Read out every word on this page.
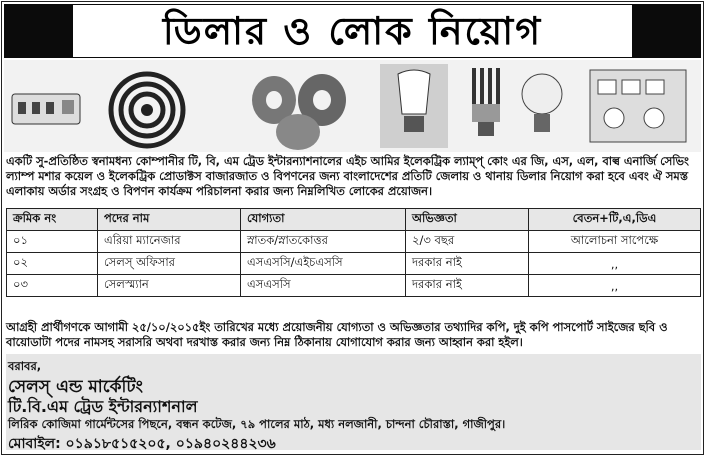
ডিলার ও লোক নিয়োগ
একটি সু-প্রতিষ্ঠিত স্বনামধন্য কোম্পানীর টি, বি, এম ট্রেড ইন্টারন্যাশনালের এইচ আমির ইলেকট্রিক ল্যাম্প্ কোং এর জি, এস, এল, বাল্ব এনার্জি সেভিং ল্যাম্প মশার কয়েল ও ইলেকট্রিক প্রোডাক্টস বাজারজাত ও বিপণনের জন্য বাংলাদেশের প্রতিটি জেলায় ও থানায় ডিলার নিয়োগ করা হবে এবং ঐ সমস্ত এলাকায় অর্ডার সংগ্রহ ও বিপণন কার্যক্রম পরিচালনা করার জন্য নিম্নলিখিত লোকের প্রয়োজন।
ক্রমিক নং	পদের নাম	যোগ্যতা	অভিজ্ঞতা	বেতন+টি,এ,ডিএ
০১	এরিয়া ম্যানেজার	স্নাতক/স্নাতকোত্তর	২/৩ বছর	আলোচনা সাপেক্ষে
০২	সেলস্ অফিসার	এসএসসি/এইচএসসি	দরকার নাই	,,
০৩	সেলস্ম্যান	এসএসসি	দরকার নাই	,,
আগ্রহী প্রার্থীগণকে আগামী ২৫/১০/২০১৫ইং তারিখের মধ্যে প্রয়োজনীয় যোগ্যতা ও অভিজ্ঞতার তথ্যাদির কপি, দুই কপি পাসপোর্ট সাইজের ছবি ও বায়োডাটা পদের নামসহ সরাসরি অথবা দরখাস্ত করার জন্য নিম্ন ঠিকানায় যোগাযোগ করার জন্য আহ্বান করা হইল।
বরাবর,
সেলস্ এন্ড মার্কেটিং
টি.বি.এম ট্রেড ইন্টারন্যাশনাল
লিরিক কোজিমা গার্মেন্টসের পিছনে, বন্ধন কটেজ, ৭৯ পালের মাঠ, মধ্য নলজানী, চান্দনা চৌরাস্তা, গাজীপুর।
মোবাইল: ০১৯১৮৫১৫২০৫, ০১৯৪০২৪৪২৩৬
